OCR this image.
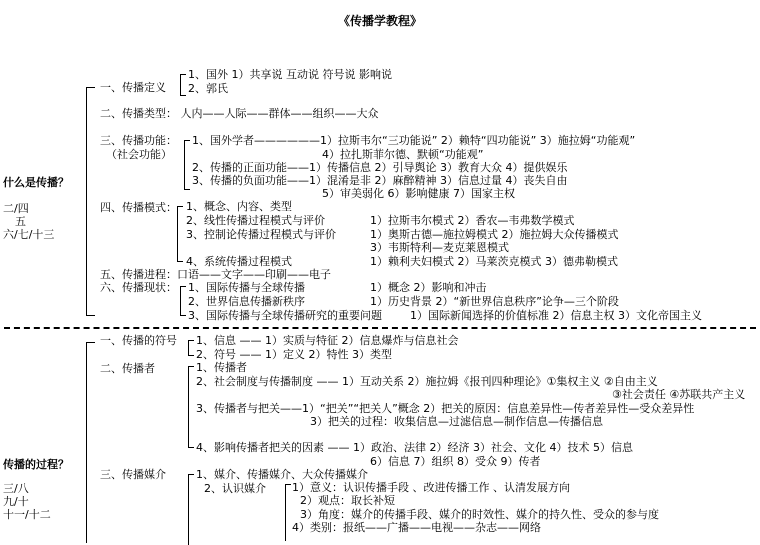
《传播学教程》
什么是传播？
二/四
五
六/七/十三
一、传播定义
1、国外 1）共享说 互动说 符号说 影响说
2、郭氏
二、传播类型： 人内——人际——群体——组织——大众
三、传播功能：
（社会功能）
1、国外学者——————1）拉斯韦尔“三功能说” 2）赖特“四功能说” 3）施拉姆“功能观”
4）拉扎斯菲尔德、默顿“功能观”
2、传播的正面功能——1）传播信息 2）引导舆论 3）教育大众 4）提供娱乐
3、传播的负面功能——1）混淆是非 2）麻醉精神 3）信息过量 4）丧失自由
5）审美弱化 6）影响健康 7）国家主权
四、传播模式： 1、概念、内容、类型
2、线性传播过程模式与评价	1）拉斯韦尔模式 2）香农—韦弗数学模式
3、控制论传播过程模式与评价	1）奥斯古德—施拉姆模式 2）施拉姆大众传播模式
3）韦斯特利—麦克莱恩模式
4、系统传播过程模式	1）赖利夫妇模式 2）马莱茨克模式 3）德弗勒模式
五、传播进程：口语——文字——印刷——电子
六、传播现状： 1、国际传播与全球传播	1）概念 2）影响和冲击
2、世界信息传播新秩序	1）历史背景 2）“新世界信息秩序”论争—三个阶段
3、国际传播与全球传播研究的重要问题	1）国际新闻选择的价值标准 2）信息主权 3）文化帝国主义
传播的过程？
三/八
九/十
十一/十二
一、传播的符号 1、信息 —— 1）实质与特征 2）信息爆炸与信息社会
2、符号 —— 1）定义 2）特性 3）类型
二、传播者	1、传播者
2、社会制度与传播制度 —— 1）互动关系 2）施拉姆《报刊四种理论》①集权主义 ②自由主义
③社会责任 ④苏联共产主义
3、传播者与把关——1）“把关”“把关人”概念 2）把关的原因：信息差异性—传者差异性—受众差异性
3）把关的过程：收集信息—过滤信息—制作信息—传播信息
4、影响传播者把关的因素 —— 1）政治、法律 2）经济 3）社会、文化 4）技术 5）信息
6）信息 7）组织 8）受众 9）传者
三、传播媒介	1、媒介、传播媒介、大众传播媒介
2、认识媒介 1）意义：认识传播手段 、改进传播工作 、认清发展方向
2）观点：取长补短
3）角度：媒介的传播手段、媒介的时效性、媒介的持久性、受众的参与度
4）类别：报纸——广播——电视——杂志——网络
